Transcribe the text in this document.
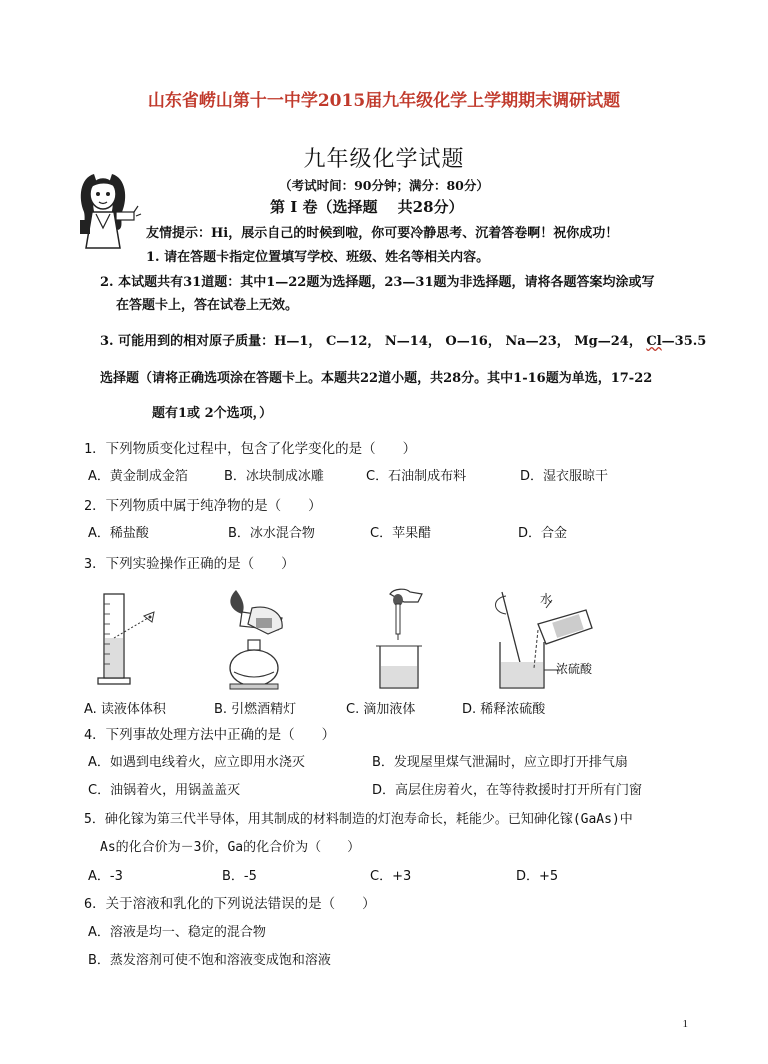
山东省崂山第十一中学2015届九年级化学上学期期末调研试题
九年级化学试题
（考试时间：90分钟；满分：80分）
第 Ⅰ 卷（选择题　 共28分）
友情提示：Hi，展示自己的时候到啦，你可要冷静思考、沉着答卷啊！祝你成功！
1. 请在答题卡指定位置填写学校、班级、姓名等相关内容。
2. 本试题共有31道题：其中1—22题为选择题，23—31题为非选择题，请将各题答案均涂或写
在答题卡上，答在试卷上无效。
3. 可能用到的相对原子质量：H—1， C—12， N—14， O—16， Na—23， Mg—24， Cl—35.5
选择题（请将正确选项涂在答题卡上。本题共22道小题，共28分。其中1-16题为单选，17-22
题有1或 2个选项，）
1．下列物质变化过程中，包含了化学变化的是（　　）
A．黄金制成金箔	B．冰块制成冰雕	C．石油制成布料	D．湿衣服晾干
2．下列物质中属于纯净物的是（　　）
A．稀盐酸	B．冰水混合物	C．苹果醋	D．合金
3．下列实验操作正确的是（　　）
水
浓硫酸
A. 读液体体积	B. 引燃酒精灯	C. 滴加液体	D. 稀释浓硫酸
4．下列事故处理方法中正确的是（　　）
A．如遇到电线着火，应立即用水浇灭	B．发现屋里煤气泄漏时，应立即打开排气扇
C．油锅着火，用锅盖盖灭	D．高层住房着火，在等待救援时打开所有门窗
5．砷化镓为第三代半导体，用其制成的材料制造的灯泡寿命长，耗能少。已知砷化镓(GaAs)中
As的化合价为－3价，Ga的化合价为（　　）
A．-3	B．-5	C．+3	D．+5
6．关于溶液和乳化的下列说法错误的是（　　）
A．溶液是均一、稳定的混合物
B．蒸发溶剂可使不饱和溶液变成饱和溶液
1
